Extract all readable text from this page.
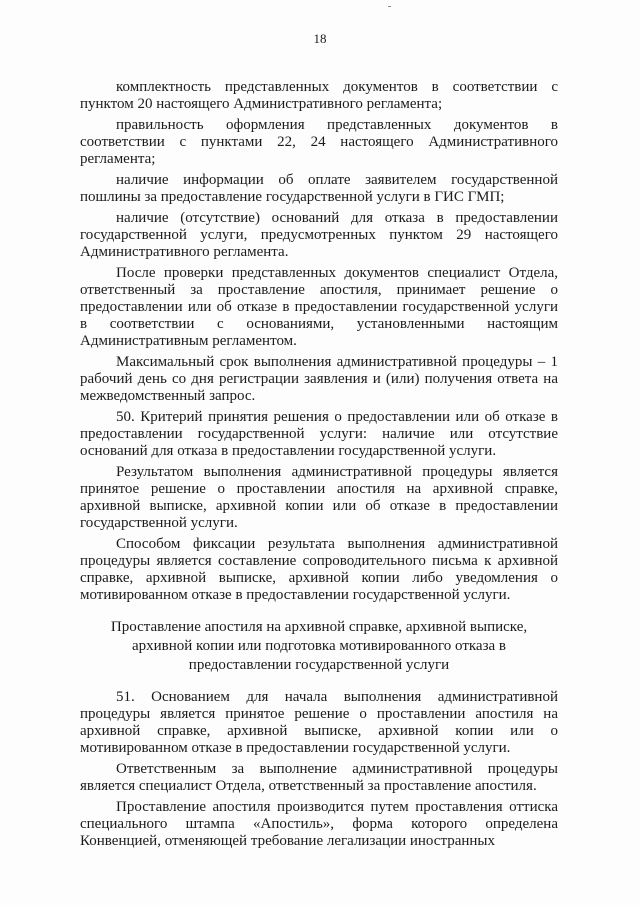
18

комплектность представленных документов в соответствии с пунктом 20 настоящего Административного регламента;

правильность оформления представленных документов в соответствии с пунктами 22, 24 настоящего Административного регламента;

наличие информации об оплате заявителем государственной пошлины за предоставление государственной услуги в ГИС ГМП;

наличие (отсутствие) оснований для отказа в предоставлении государственной услуги, предусмотренных пунктом 29 настоящего Административного регламента.

После проверки представленных документов специалист Отдела, ответственный за проставление апостиля, принимает решение о предоставлении или об отказе в предоставлении государственной услуги в соответствии с основаниями, установленными настоящим Административным регламентом.

Максимальный срок выполнения административной процедуры – 1 рабочий день со дня регистрации заявления и (или) получения ответа на межведомственный запрос.

50. Критерий принятия решения о предоставлении или об отказе в предоставлении государственной услуги: наличие или отсутствие оснований для отказа в предоставлении государственной услуги.

Результатом выполнения административной процедуры является принятое решение о проставлении апостиля на архивной справке, архивной выписке, архивной копии или об отказе в предоставлении государственной услуги.

Способом фиксации результата выполнения административной процедуры является составление сопроводительного письма к архивной справке, архивной выписке, архивной копии либо уведомления о мотивированном отказе в предоставлении государственной услуги.

Проставление апостиля на архивной справке, архивной выписке, архивной копии или подготовка мотивированного отказа в предоставлении государственной услуги

51. Основанием для начала выполнения административной процедуры является принятое решение о проставлении апостиля на архивной справке, архивной выписке, архивной копии или о мотивированном отказе в предоставлении государственной услуги.

Ответственным за выполнение административной процедуры является специалист Отдела, ответственный за проставление апостиля.

Проставление апостиля производится путем проставления оттиска специального штампа «Апостиль», форма которого определена Конвенцией, отменяющей требование легализации иностранных
